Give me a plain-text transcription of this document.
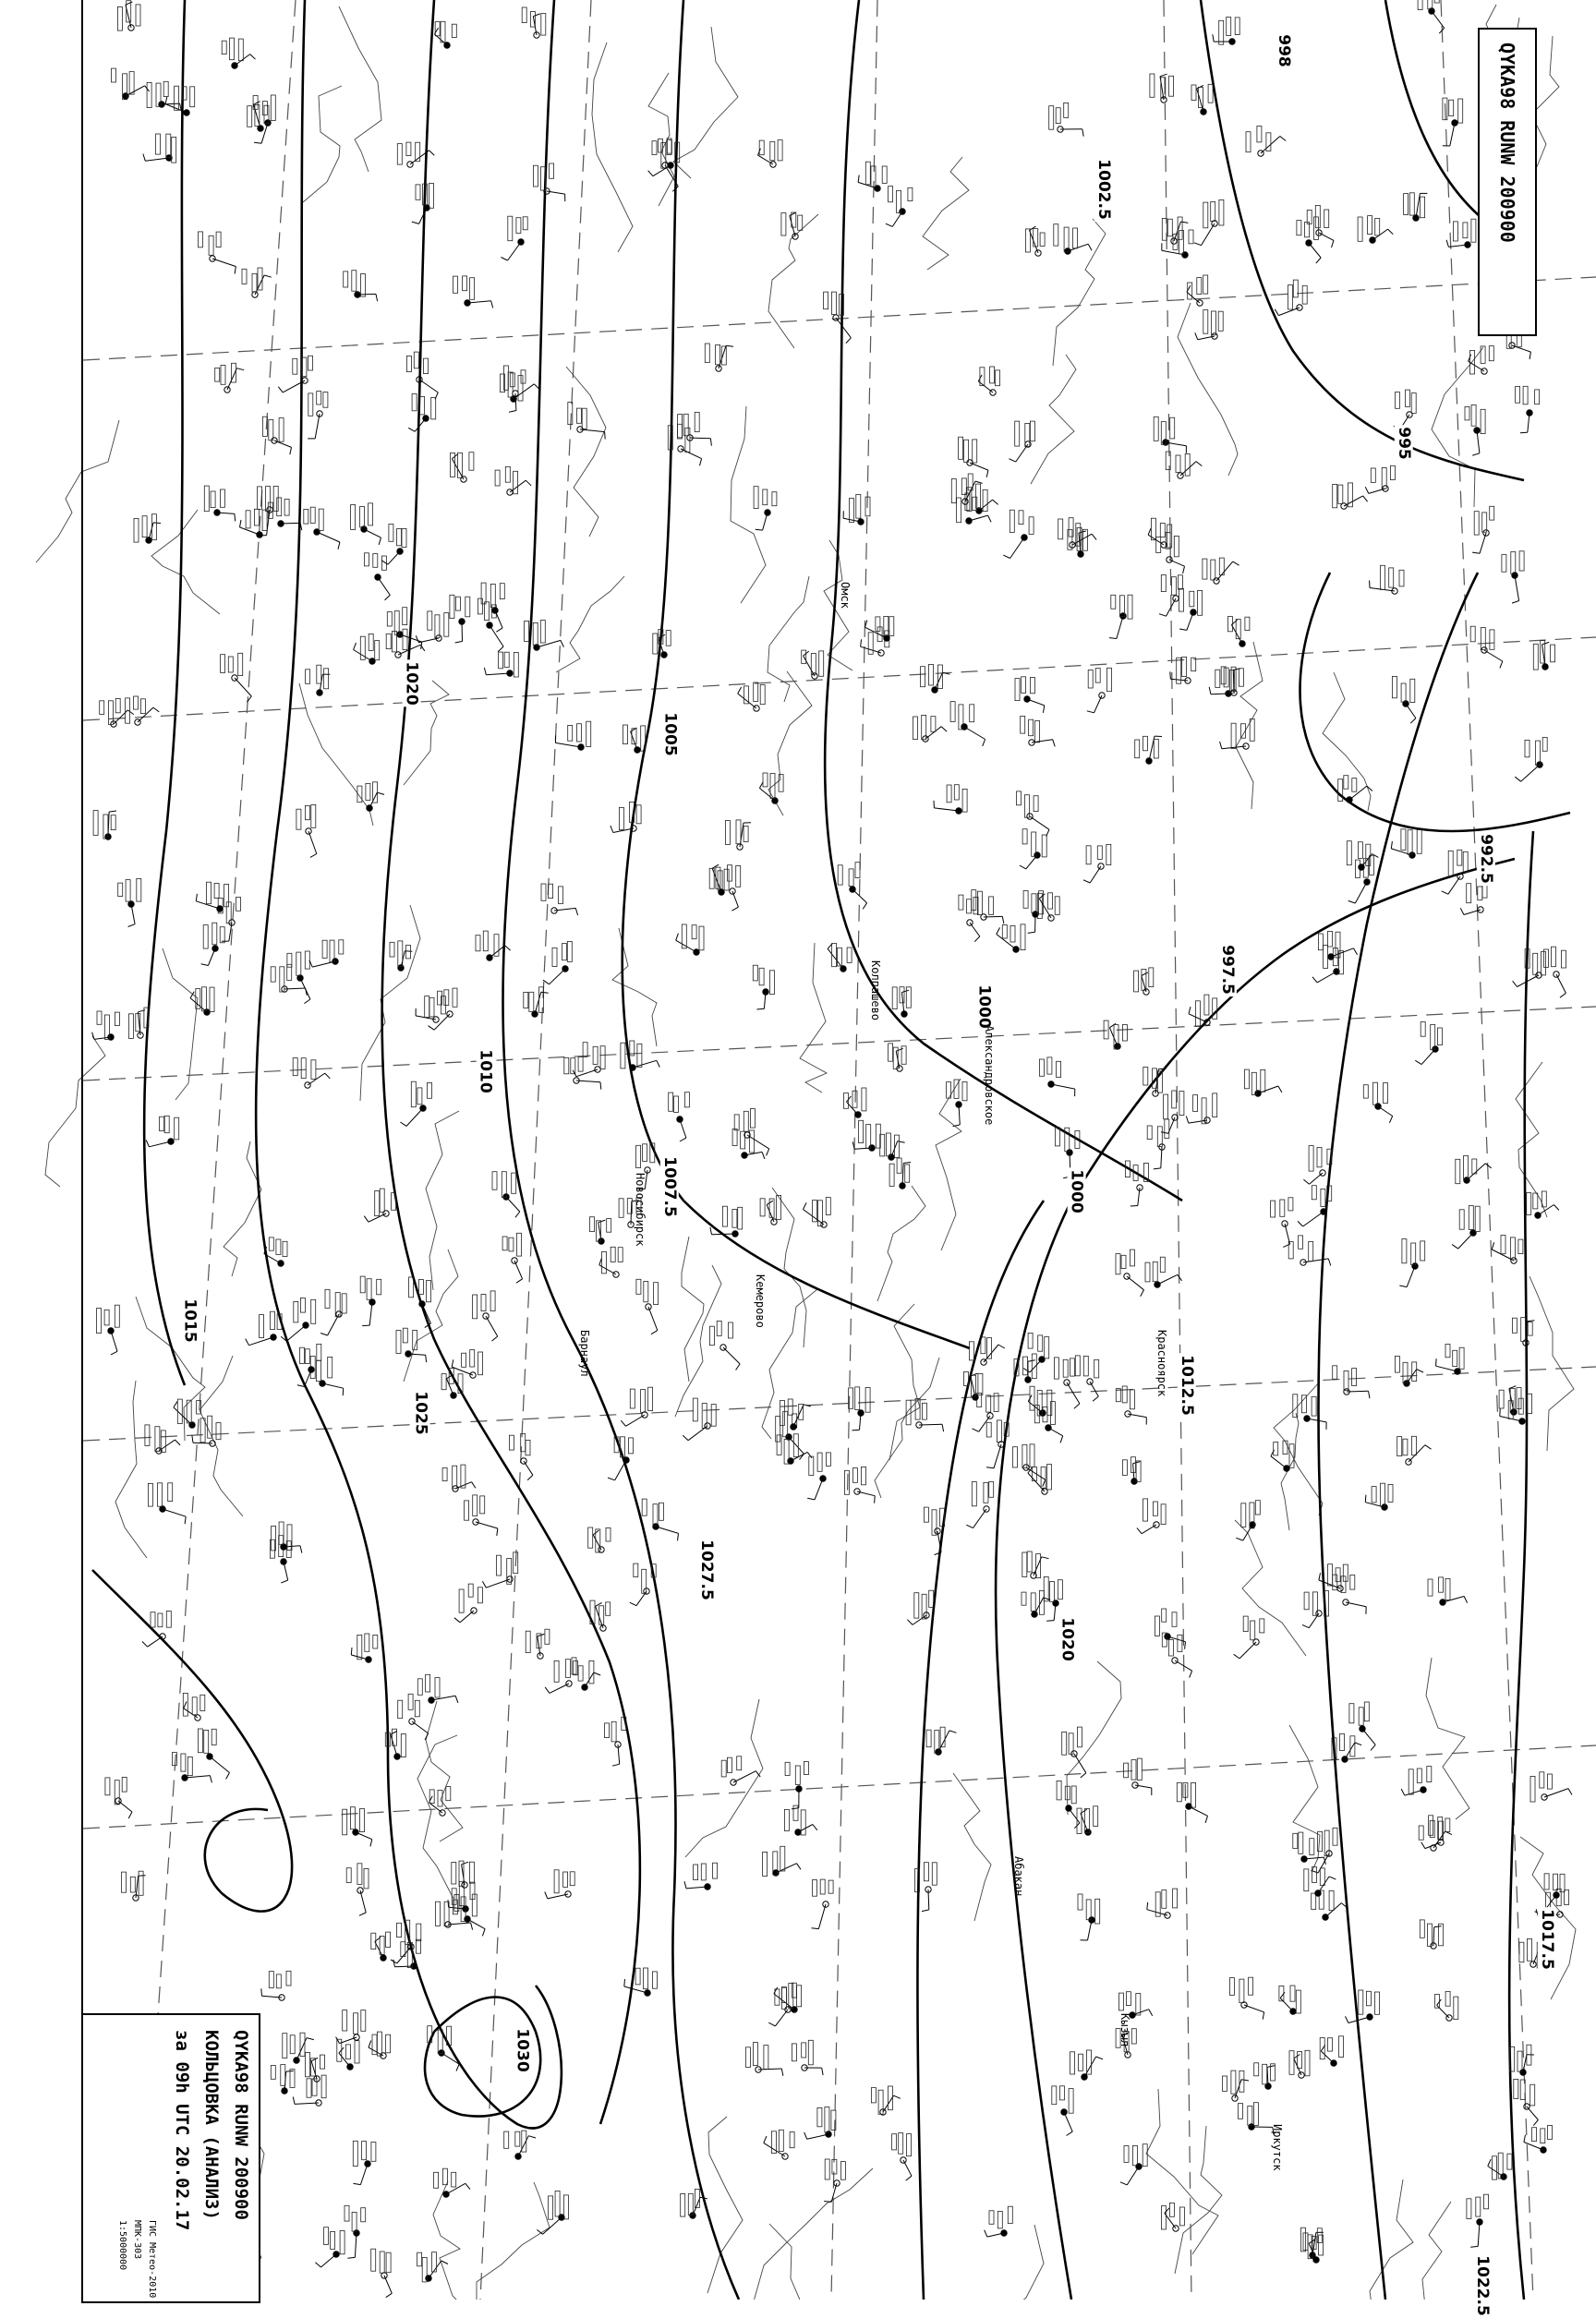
1017.5
995
992.5
997.5
1012.5
1000
1000
1007.5
1005
1020
1010
1025
1027.5
1030
1020
1002.5
1015
998
1022.5
Омск
Новосибирск
Барнаул
Кемерово
Александровское
Колпашево
Красноярск
Иркутск
Абакан
Кызыл
QYKA98 RUNW 200900
QYKA98 RUNW 200900
КОЛЬЦОВКА (АНАЛИЗ)
за 09h UTC 20.02.17
ГИС Метео-2010
МПК-303
1:5000000
